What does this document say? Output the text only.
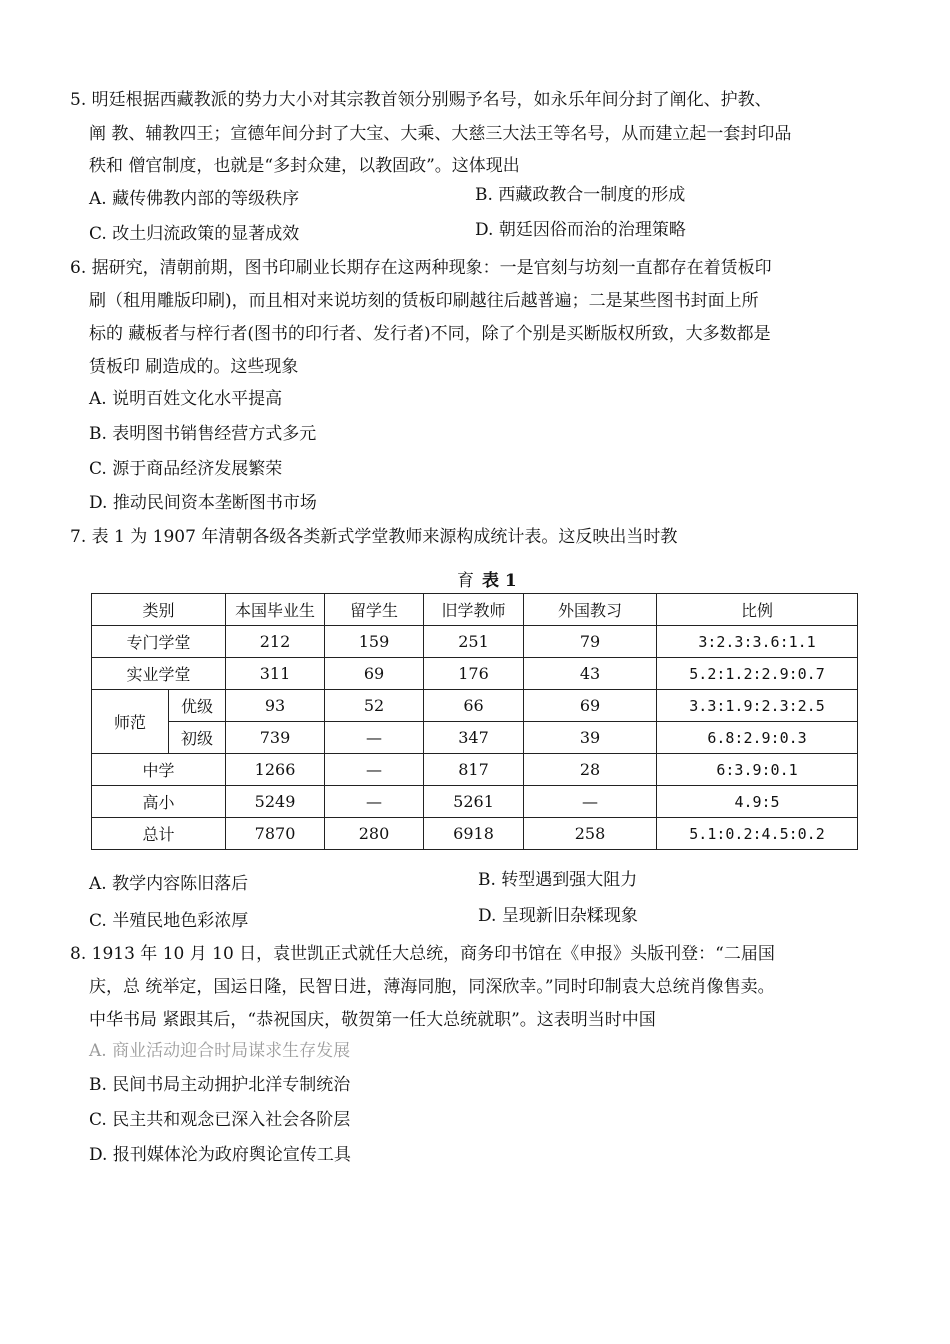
5. 明廷根据西藏教派的势力大小对其宗教首领分别赐予名号，如永乐年间分封了阐化、护教、
阐 教、辅教四王；宣德年间分封了大宝、大乘、大慈三大法王等名号，从而建立起一套封印品
秩和 僧官制度，也就是“多封众建，以教固政”。这体现出
A. 藏传佛教内部的等级秩序	B. 西藏政教合一制度的形成
C. 改土归流政策的显著成效	D. 朝廷因俗而治的治理策略
6. 据研究，清朝前期，图书印刷业长期存在这两种现象：一是官刻与坊刻一直都存在着赁板印
刷（租用雕版印刷)，而且相对来说坊刻的赁板印刷越往后越普遍；二是某些图书封面上所
标的 藏板者与梓行者(图书的印行者、发行者)不同，除了个别是买断版权所致，大多数都是
赁板印 刷造成的。这些现象
A. 说明百姓文化水平提高
B. 表明图书销售经营方式多元
C. 源于商品经济发展繁荣
D. 推动民间资本垄断图书市场
7. 表 1 为 1907 年清朝各级各类新式学堂教师来源构成统计表。这反映出当时教
育 表 1
类别		本国毕业生	留学生	旧学教师	外国教习	比例
专门学堂		212	159	251	79	3:2.3:3.6:1.1
实业学堂		311	69	176	43	5.2:1.2:2.9:0.7
师范	优级	93	52	66	69	3.3:1.9:2.3:2.5
	初级	739	—	347	39	6.8:2.9:0.3
中学		1266	—	817	28	6:3.9:0.1
高小		5249	—	5261	—	4.9:5
总计		7870	280	6918	258	5.1:0.2:4.5:0.2
A. 教学内容陈旧落后	B. 转型遇到强大阻力
C. 半殖民地色彩浓厚	D. 呈现新旧杂糅现象
8. 1913 年 10 月 10 日，袁世凯正式就任大总统，商务印书馆在《申报》头版刊登：“二届国
庆，总 统举定，国运日隆，民智日进，薄海同胞，同深欣幸。”同时印制袁大总统肖像售卖。
中华书局 紧跟其后，“恭祝国庆，敬贺第一任大总统就职”。这表明当时中国
A. 商业活动迎合时局谋求生存发展
B. 民间书局主动拥护北洋专制统治
C. 民主共和观念已深入社会各阶层
D. 报刊媒体沦为政府舆论宣传工具
